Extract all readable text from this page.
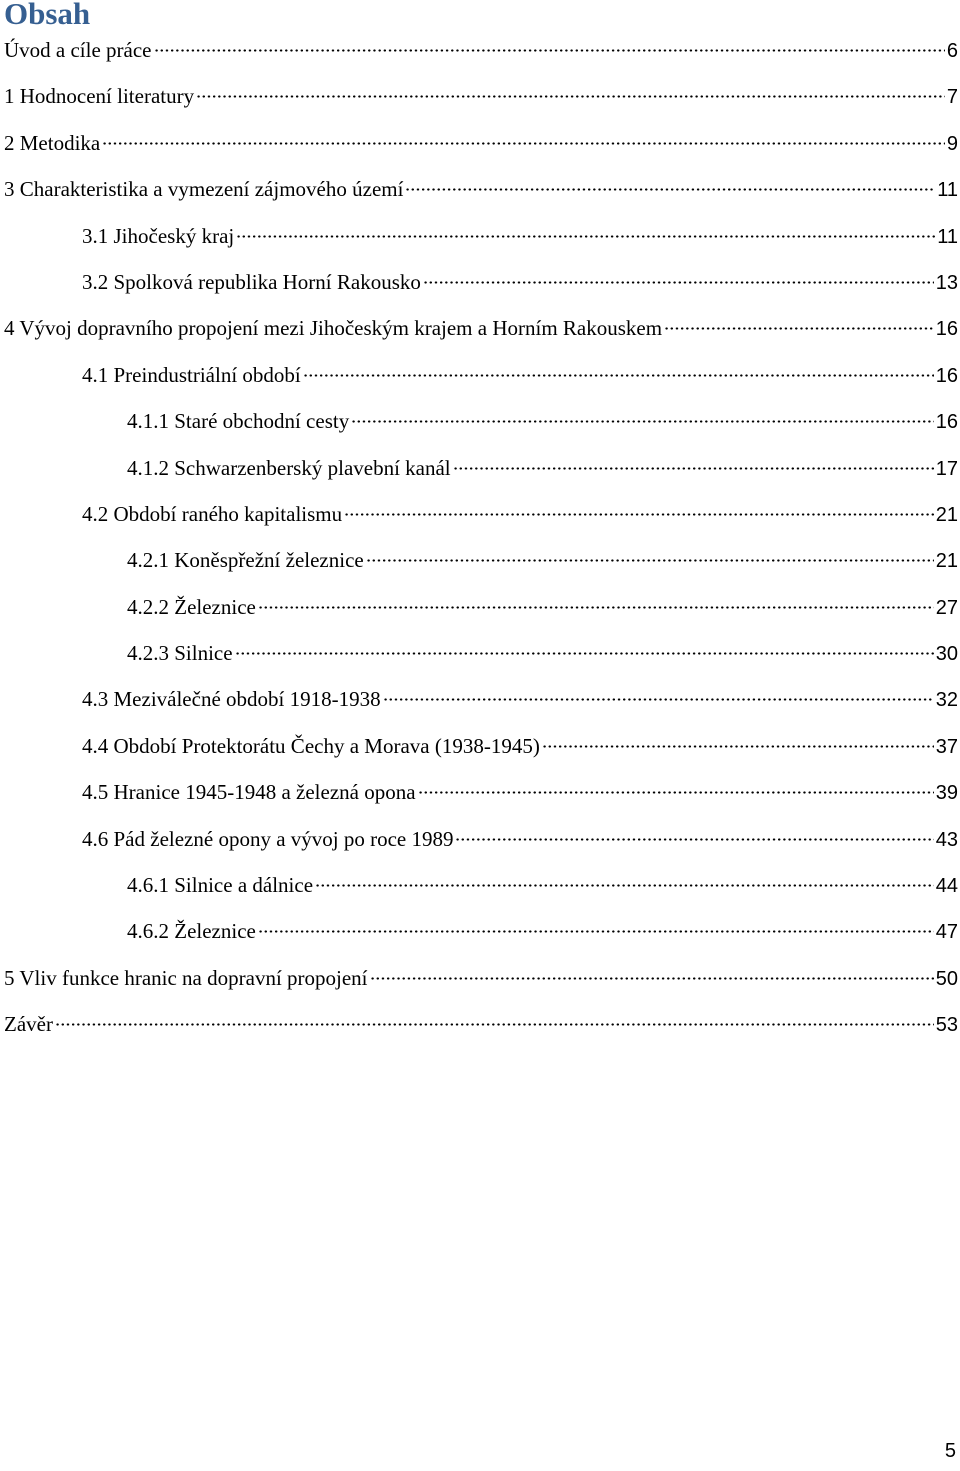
Obsah
Úvod a cíle práce	6
1 Hodnocení literatury	7
2 Metodika	9
3 Charakteristika a vymezení zájmového území	11
3.1 Jihočeský kraj	11
3.2 Spolková republika Horní Rakousko	13
4 Vývoj dopravního propojení mezi Jihočeským krajem a Horním Rakouskem	16
4.1 Preindustriální období	16
4.1.1 Staré obchodní cesty	16
4.1.2 Schwarzenberský plavební kanál	17
4.2 Období raného kapitalismu	21
4.2.1 Koněspřežní železnice	21
4.2.2 Železnice	27
4.2.3 Silnice	30
4.3 Meziválečné období 1918-1938	32
4.4 Období Protektorátu Čechy a Morava (1938-1945)	37
4.5 Hranice 1945-1948 a železná opona	39
4.6 Pád železné opony a vývoj po roce 1989	43
4.6.1 Silnice a dálnice	44
4.6.2 Železnice	47
5 Vliv funkce hranic na dopravní propojení	50
Závěr	53
5
